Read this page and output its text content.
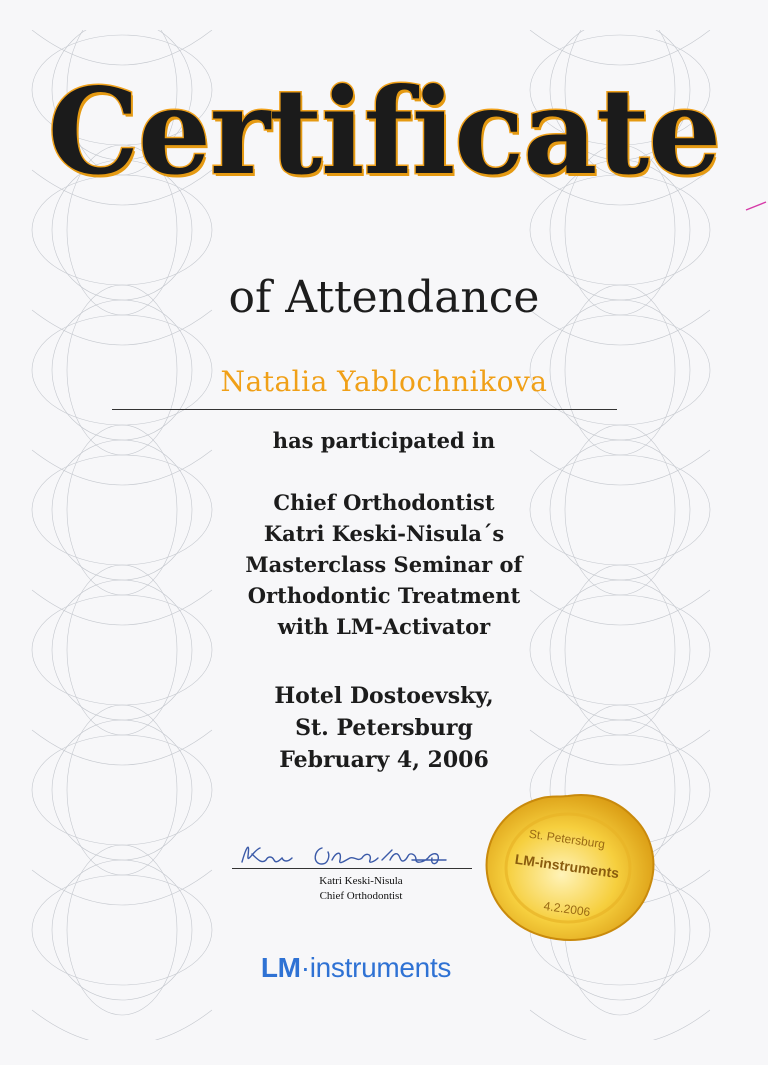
Certificate
of Attendance
Natalia Yablochnikova
has participated in
Chief Orthodontist
Katri Keski-Nisula´s
Masterclass Seminar of
Orthodontic Treatment
with LM-Activator
Hotel Dostoevsky,
St. Petersburg
February 4, 2006
Katri Keski-Nisula
Chief Orthodontist
St. Petersburg
LM-instruments
4.2.2006
LM·instruments
